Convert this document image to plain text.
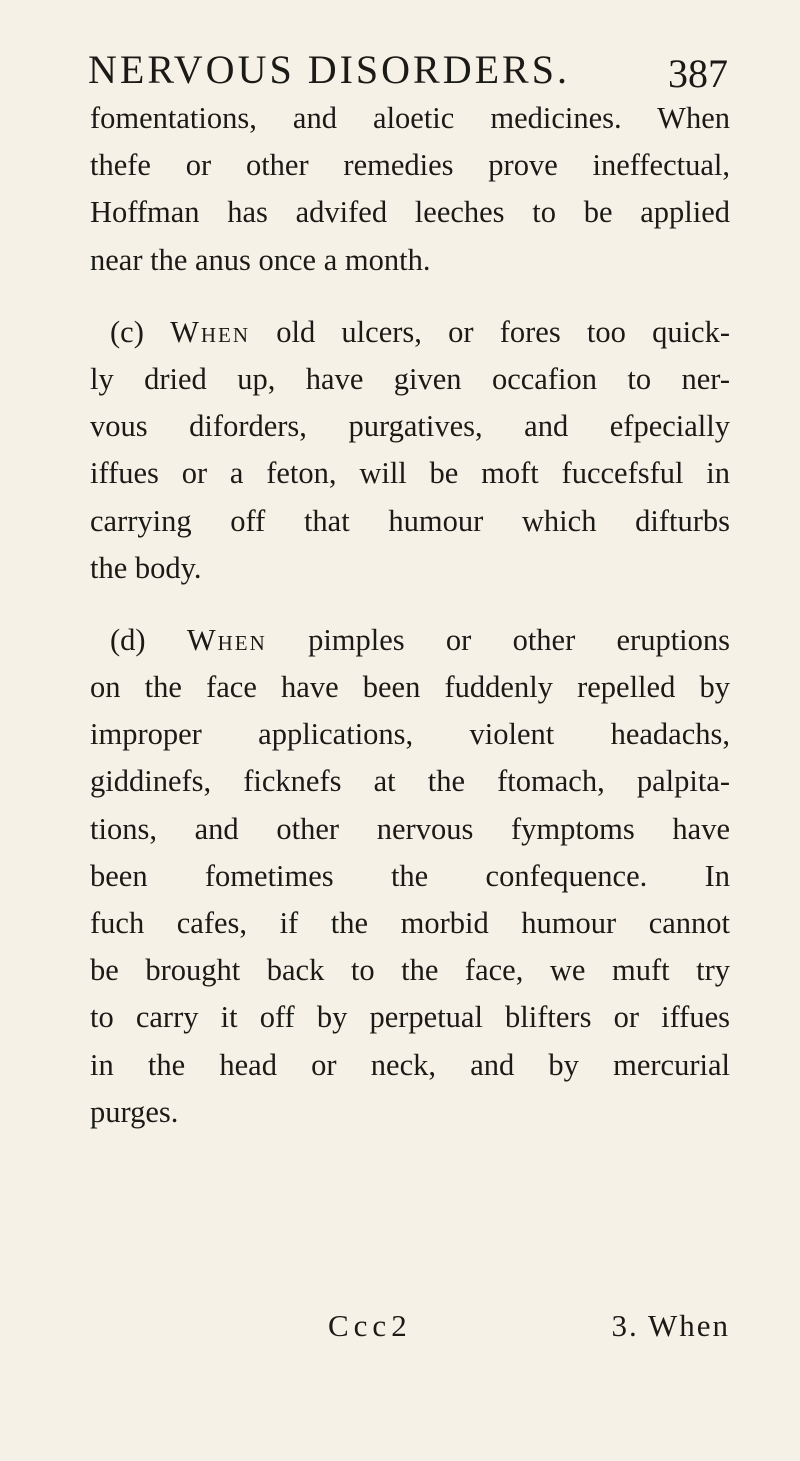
NERVOUS DISORDERS. 387

fomentations, and aloetic medicines. When
thefe or other remedies prove ineffectual,
Hoffman has advifed leeches to be applied
near the anus once a month.

(c) When old ulcers, or fores too quick-
ly dried up, have given occafion to ner-
vous diforders, purgatives, and efpecially
iffues or a feton, will be moft fuccefsful in
carrying off that humour which difturbs
the body.

(d) When pimples or other eruptions
on the face have been fuddenly repelled by
improper applications, violent headachs,
giddinefs, ficknefs at the ftomach, palpita-
tions, and other nervous fymptoms have
been fometimes the confequence. In
fuch cafes, if the morbid humour cannot
be brought back to the face, we muft try
to carry it off by perpetual blifters or iffues
in the head or neck, and by mercurial
purges.

Ccc2	3. When
